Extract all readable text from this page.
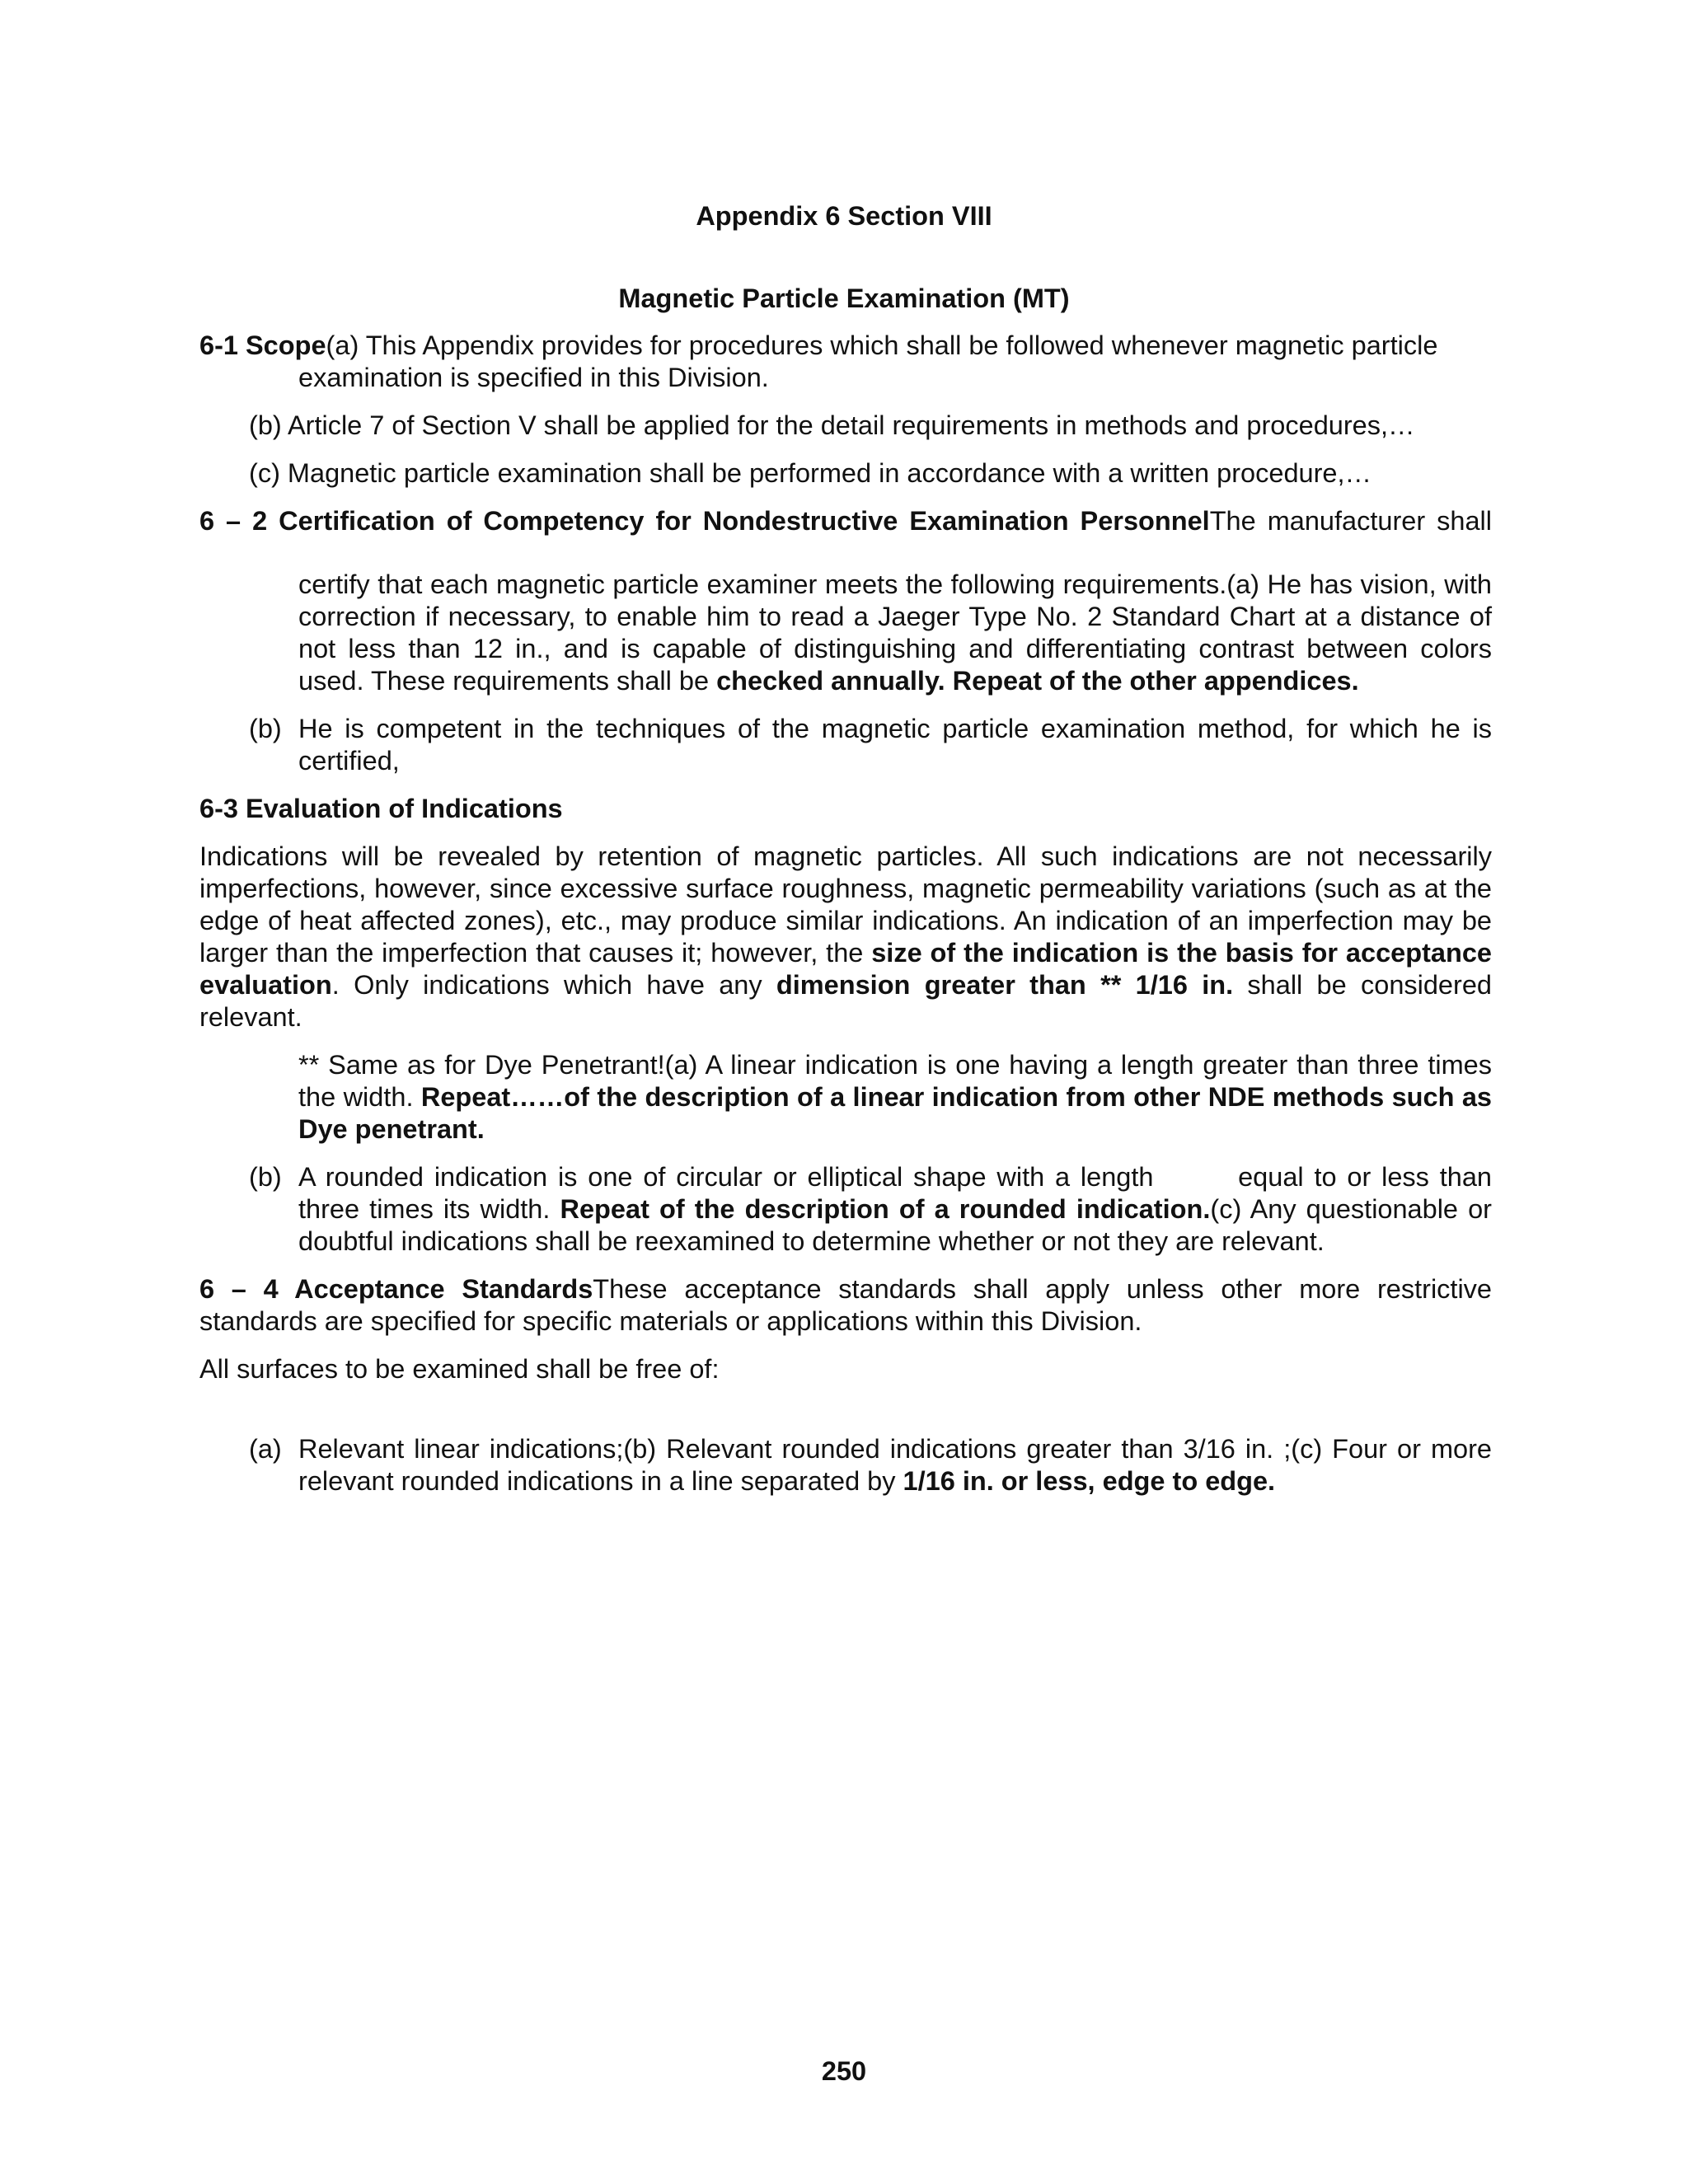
Appendix 6 Section VIII
Magnetic Particle Examination (MT)

6-1 Scope(a) This Appendix provides for procedures which shall be followed whenever magnetic particle examination is specified in this Division.

(b) Article 7 of Section V shall be applied for the detail requirements in methods and procedures,…

(c) Magnetic particle examination shall be performed in accordance with a written procedure,…

6 – 2 Certification of Competency for Nondestructive Examination PersonnelThe manufacturer shall

certify that each magnetic particle examiner meets the following requirements.(a) He has vision, with correction if necessary, to enable him to read a Jaeger Type No. 2 Standard Chart at a distance of not less than 12 in., and is capable of distinguishing and differentiating contrast between colors used. These requirements shall be checked annually. Repeat of the other appendices.

(b) He is competent in the techniques of the magnetic particle examination method, for which he is certified,

6-3 Evaluation of Indications

Indications will be revealed by retention of magnetic particles. All such indications are not necessarily imperfections, however, since excessive surface roughness, magnetic permeability variations (such as at the edge of heat affected zones), etc., may produce similar indications. An indication of an imperfection may be larger than the imperfection that causes it; however, the size of the indication is the basis for acceptance evaluation. Only indications which have any dimension greater than ** 1/16 in. shall be considered relevant.

** Same as for Dye Penetrant!(a) A linear indication is one having a length greater than three times the width. Repeat……of the description of a linear indication from other NDE methods such as Dye penetrant.

(b) A rounded indication is one of circular or elliptical shape with a length        equal to or less than

three times its width. Repeat of the description of a rounded indication.(c) Any questionable or doubtful indications shall be reexamined to determine whether or not they are relevant.

6 – 4 Acceptance StandardsThese acceptance standards shall apply unless other more restrictive standards are specified for specific materials or applications within this Division.

All surfaces to be examined shall be free of:

(a) Relevant linear indications;(b) Relevant rounded indications greater than 3/16 in. ;(c) Four or more relevant rounded indications in a line separated by 1/16 in. or less, edge to edge.

250
